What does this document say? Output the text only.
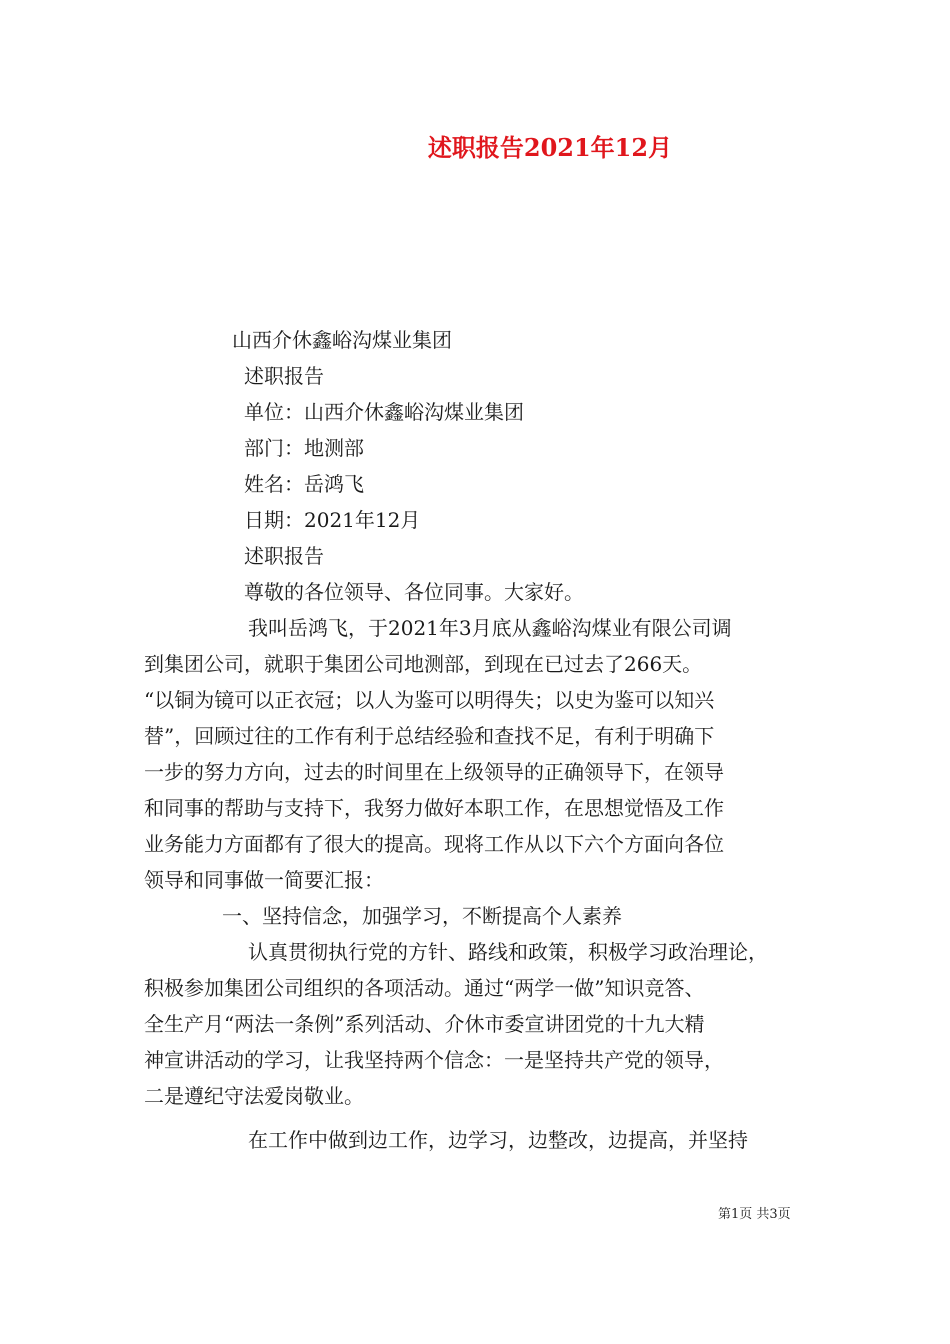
述职报告2021年12月
山西介休鑫峪沟煤业集团
述职报告
单位：山西介休鑫峪沟煤业集团
部门：地测部
姓名：岳鸿飞
日期：2021年12月
述职报告
尊敬的各位领导、各位同事。大家好。
我叫岳鸿飞，于2021年3月底从鑫峪沟煤业有限公司调
到集团公司，就职于集团公司地测部，到现在已过去了266天。
“以铜为镜可以正衣冠；以人为鉴可以明得失；以史为鉴可以知兴
替”，回顾过往的工作有利于总结经验和查找不足，有利于明确下
一步的努力方向，过去的时间里在上级领导的正确领导下，在领导
和同事的帮助与支持下，我努力做好本职工作，在思想觉悟及工作
业务能力方面都有了很大的提高。现将工作从以下六个方面向各位
领导和同事做一简要汇报：
一、坚持信念，加强学习，不断提高个人素养
认真贯彻执行党的方针、路线和政策，积极学习政治理论，
积极参加集团公司组织的各项活动。通过“两学一做”知识竞答、
全生产月“两法一条例”系列活动、介休市委宣讲团党的十九大精
神宣讲活动的学习，让我坚持两个信念：一是坚持共产党的领导，
二是遵纪守法爱岗敬业。
在工作中做到边工作，边学习，边整改，边提高，并坚持
第1页 共3页
